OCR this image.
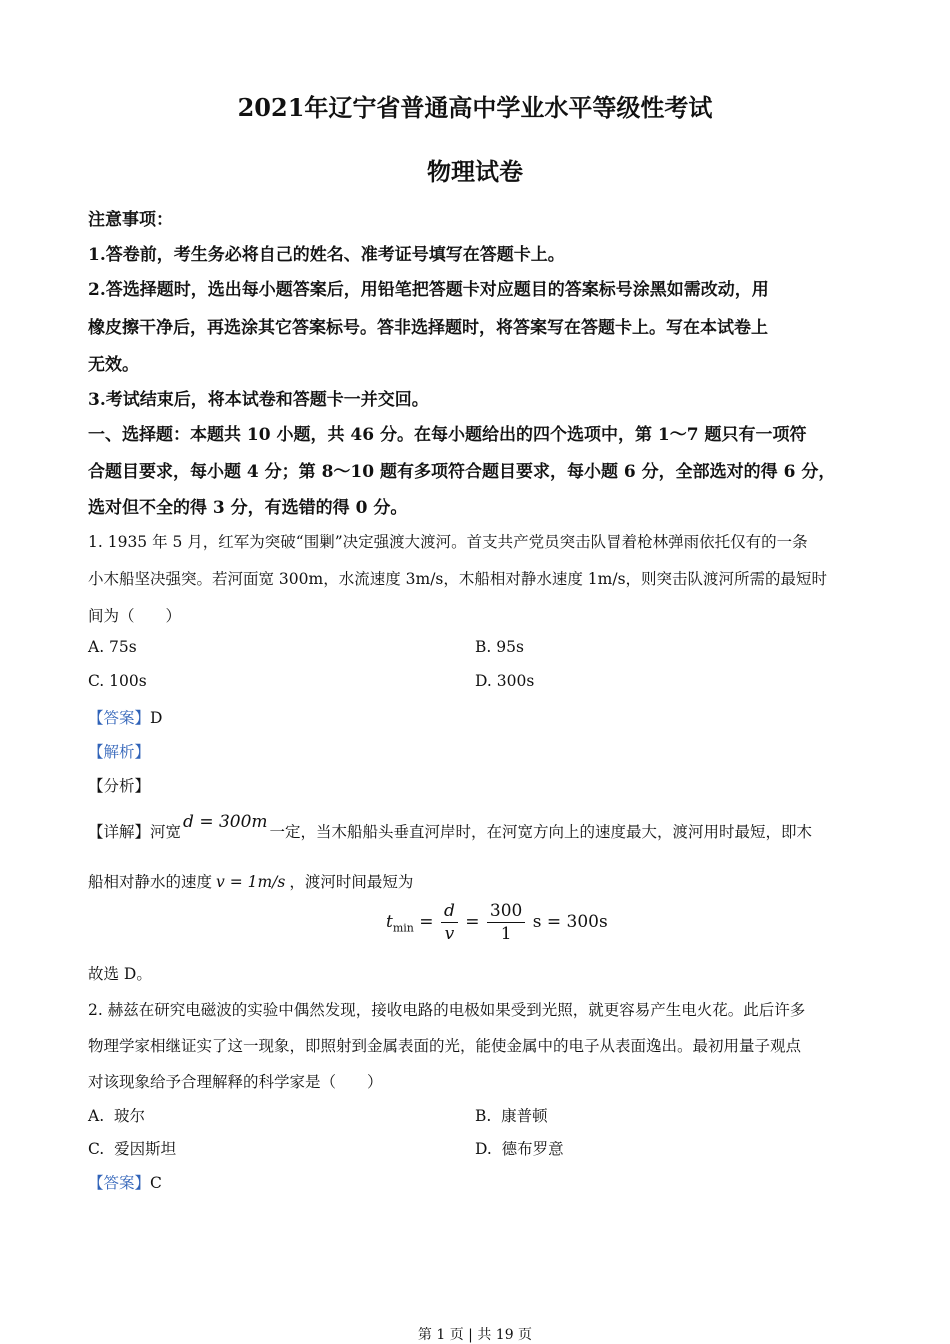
2021年辽宁省普通高中学业水平等级性考试
物理试卷
注意事项：
1.答卷前，考生务必将自己的姓名、准考证号填写在答题卡上。
2.答选择题时，选出每小题答案后，用铅笔把答题卡对应题目的答案标号涂黑如需改动，用
橡皮擦干净后，再选涂其它答案标号。答非选择题时，将答案写在答题卡上。写在本试卷上
无效。
3.考试结束后，将本试卷和答题卡一并交回。
一、选择题：本题共 10 小题，共 46 分。在每小题给出的四个选项中，第 1～7 题只有一项符
合题目要求，每小题 4 分；第 8～10 题有多项符合题目要求，每小题 6 分，全部选对的得 6 分，
选对但不全的得 3 分，有选错的得 0 分。
1. 1935 年 5 月，红军为突破“围剿”决定强渡大渡河。首支共产党员突击队冒着枪林弹雨依托仅有的一条
小木船坚决强突。若河面宽 300m，水流速度 3m/s，木船相对静水速度 1m/s，则突击队渡河所需的最短时
间为（　　）
A. 75s	B. 95s
C. 100s	D. 300s
【答案】D
【解析】
【分析】
【详解】河宽 d = 300m 一定，当木船船头垂直河岸时，在河宽方向上的速度最大，渡河用时最短，即木
船相对静水的速度 v = 1m/s ，渡河时间最短为
$t_{min} = \frac{d}{v} = \frac{300}{1}$ s = 300s
故选 D。
2. 赫兹在研究电磁波的实验中偶然发现，接收电路的电极如果受到光照，就更容易产生电火花。此后许多
物理学家相继证实了这一现象，即照射到金属表面的光，能使金属中的电子从表面逸出。最初用量子观点
对该现象给予合理解释的科学家是（　　）
A.  玻尔	B.  康普顿
C.  爱因斯坦	D.  德布罗意
【答案】C
第 1 页 | 共 19 页
